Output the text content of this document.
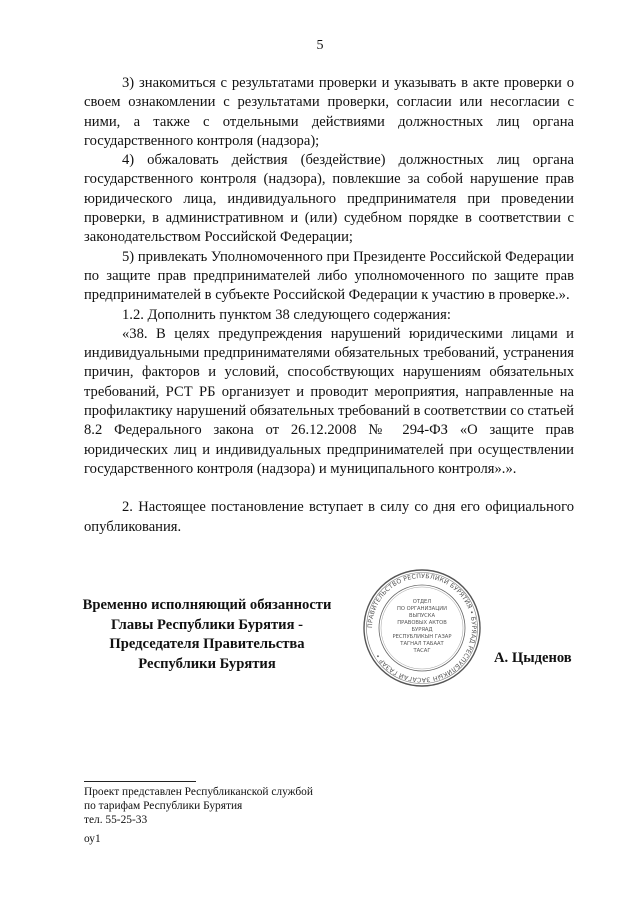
5

3) знакомиться с результатами проверки и указывать в акте проверки о своем ознакомлении с результатами проверки, согласии или несогласии с ними, а также с отдельными действиями должностных лиц органа государственного контроля (надзора);

4) обжаловать действия (бездействие) должностных лиц органа государственного контроля (надзора), повлекшие за собой нарушение прав юридического лица, индивидуального предпринимателя при проведении проверки, в административном и (или) судебном порядке в соответствии с законодательством Российской Федерации;

5) привлекать Уполномоченного при Президенте Российской Федерации по защите прав предпринимателей либо уполномоченного по защите прав предпринимателей в субъекте Российской Федерации к участию в проверке.».

1.2. Дополнить пунктом 38 следующего содержания:

«38. В целях предупреждения нарушений юридическими лицами и индивидуальными предпринимателями обязательных требований, устранения причин, факторов и условий, способствующих нарушениям обязательных требований, РСТ РБ организует и проводит мероприятия, направленные на профилактику нарушений обязательных требований в соответствии со статьей 8.2 Федерального закона от 26.12.2008 № 294-ФЗ «О защите прав юридических лиц и индивидуальных предпринимателей при осуществлении государственного контроля (надзора) и муниципального контроля».».

2. Настоящее постановление вступает в силу со дня его официального опубликования.

Временно исполняющий обязанности
Главы Республики Бурятия -
Председателя Правительства
Республики Бурятия
ПРАВИТЕЛЬСТВО РЕСПУБЛИКИ БУРЯТИЯ • БУРЯАД РЕСПУБЛИКЫН ЗАСАГАЙ ГАЗАР •
ОТДЕЛ
ПО ОРГАНИЗАЦИИ
ВЫПУСКА
ПРАВОВЫХ АКТОВ
БУРЯАД
РЕСПУБЛИКЫН ГАЗАР
ТАГНАЛ ТАБААТ
ТАСАГ	А. Цыденов
Проект представлен Республиканской службой
по тарифам Республики Бурятия
тел. 55-25-33
оу1
